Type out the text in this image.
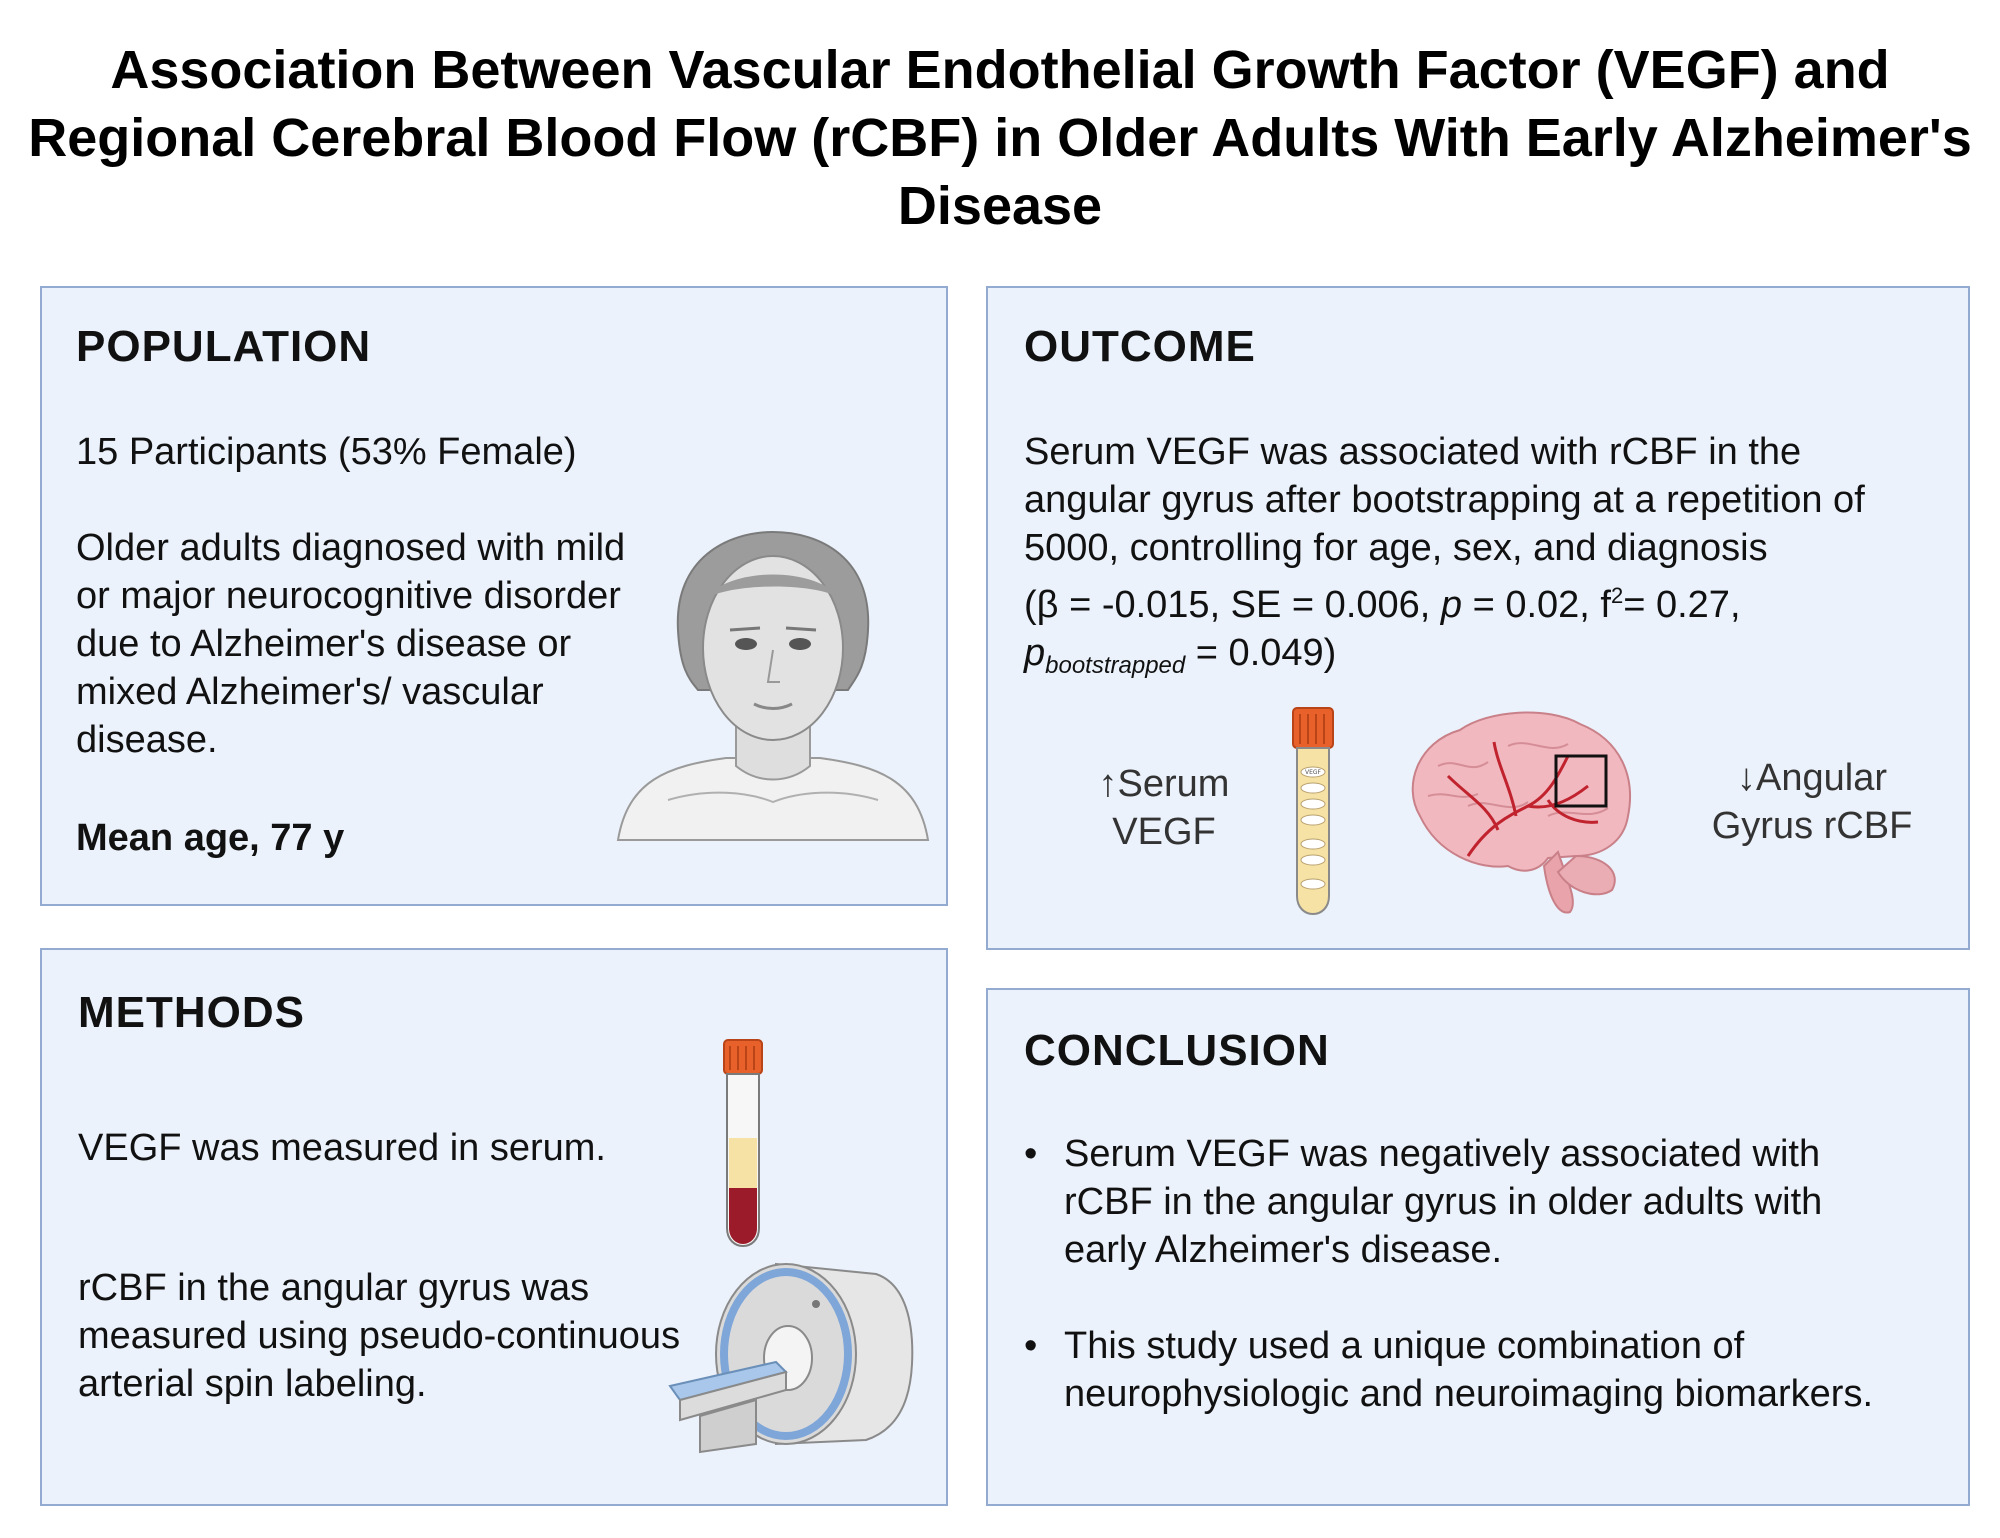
Association Between Vascular Endothelial Growth Factor (VEGF) and Regional Cerebral Blood Flow (rCBF) in Older Adults With Early Alzheimer's Disease
POPULATION
15 Participants (53% Female)
Older adults diagnosed with mild or major neurocognitive disorder due to Alzheimer's disease or mixed Alzheimer's/ vascular disease.
Mean age, 77 y
METHODS
VEGF was measured in serum.
rCBF in the angular gyrus was measured using pseudo-continuous arterial spin labeling.
OUTCOME
Serum VEGF was associated with rCBF in the angular gyrus after bootstrapping at a repetition of 5000, controlling for age, sex, and diagnosis
(β = -0.015, SE = 0.006, p = 0.02, $f^2= 0.27$,
$p_{bootstrapped} = 0.049$)
↑Serum
VEGF
VEGF	↓Angular
Gyrus rCBF
CONCLUSION
• Serum VEGF was negatively associated with rCBF in the angular gyrus in older adults with early Alzheimer's disease.
• This study used a unique combination of neurophysiologic and neuroimaging biomarkers.
